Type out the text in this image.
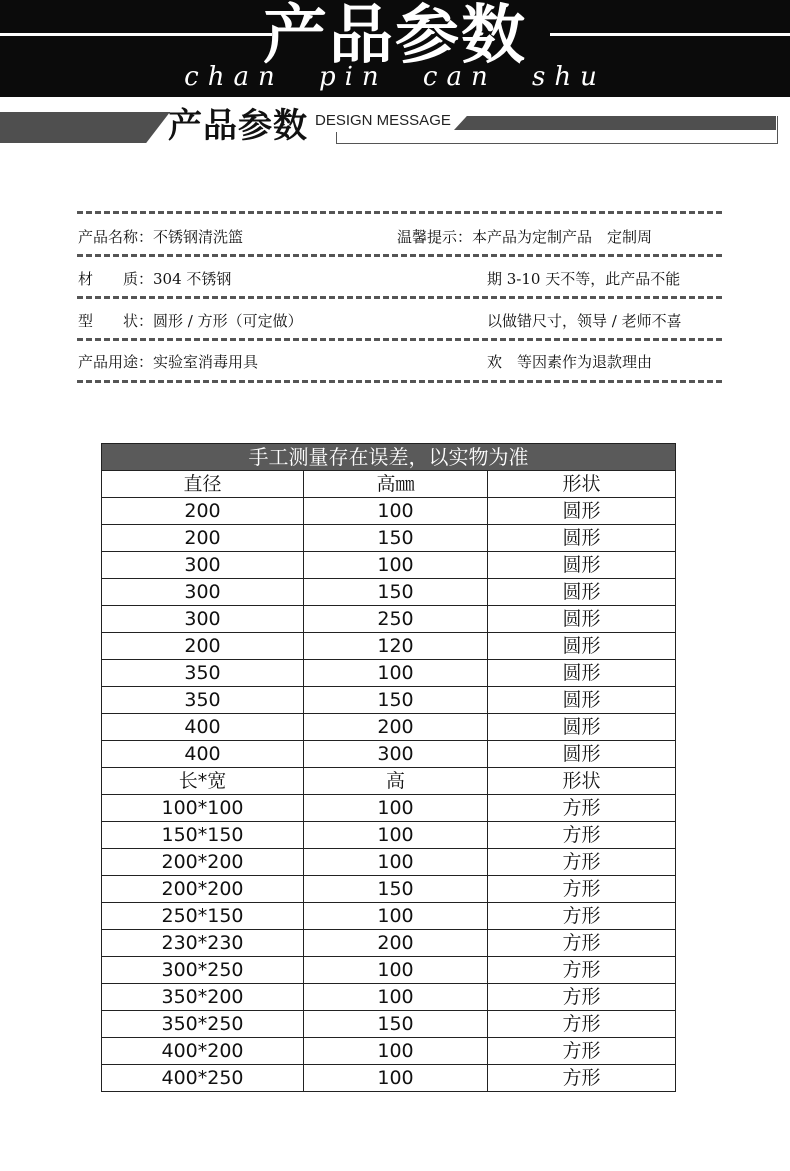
产品参数
chan pin can shu
产品参数 DESIGN MESSAGE
产品名称：不锈钢清洗篮	温馨提示：本产品为定制产品　定制周
材　　质：304 不锈钢	期 3-10 天不等，此产品不能
型　　状：圆形 / 方形（可定做）	以做错尺寸，领导 / 老师不喜
产品用途：实验室消毒用具	欢　等因素作为退款理由
手工测量存在误差，以实物为准		
直径	高㎜	形状
200	100	圆形
200	150	圆形
300	100	圆形
300	150	圆形
300	250	圆形
200	120	圆形
350	100	圆形
350	150	圆形
400	200	圆形
400	300	圆形
长*宽	高	形状
100*100	100	方形
150*150	100	方形
200*200	100	方形
200*200	150	方形
250*150	100	方形
230*230	200	方形
300*250	100	方形
350*200	100	方形
350*250	150	方形
400*200	100	方形
400*250	100	方形
